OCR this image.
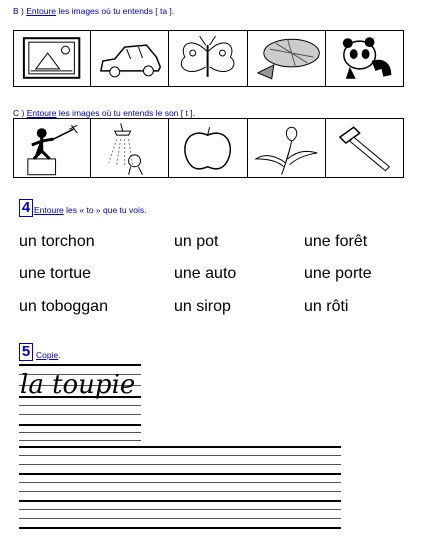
B ) Entoure les images où tu entends [ ta ].
C ) Entoure les images où tu entends le son [ t ].
4 Entoure les « to » que tu vois.
un torchon	un pot	une forêt
une tortue	une auto	une porte
un toboggan	un sirop	un rôti
5 Copie.
la toupie
